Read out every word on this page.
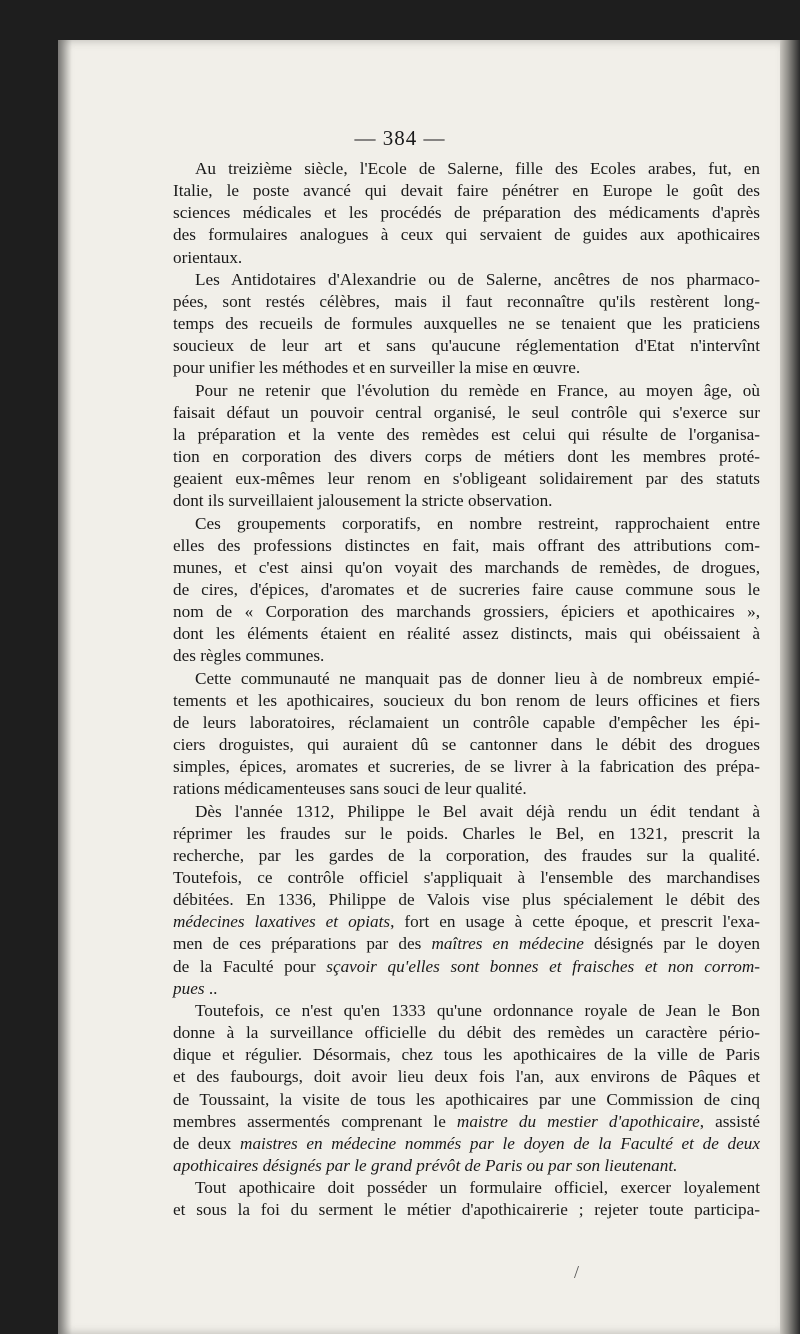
— 384 —
Au treizième siècle, l'Ecole de Salerne, fille des Ecoles arabes, fut, en
Italie, le poste avancé qui devait faire pénétrer en Europe le goût des
sciences médicales et les procédés de préparation des médicaments d'après
des formulaires analogues à ceux qui servaient de guides aux apothicaires
orientaux.
Les Antidotaires d'Alexandrie ou de Salerne, ancêtres de nos pharmaco-
pées, sont restés célèbres, mais il faut reconnaître qu'ils restèrent long-
temps des recueils de formules auxquelles ne se tenaient que les praticiens
soucieux de leur art et sans qu'aucune réglementation d'Etat n'intervînt
pour unifier les méthodes et en surveiller la mise en œuvre.
Pour ne retenir que l'évolution du remède en France, au moyen âge, où
faisait défaut un pouvoir central organisé, le seul contrôle qui s'exerce sur
la préparation et la vente des remèdes est celui qui résulte de l'organisa-
tion en corporation des divers corps de métiers dont les membres proté-
geaient eux-mêmes leur renom en s'obligeant solidairement par des statuts
dont ils surveillaient jalousement la stricte observation.
Ces groupements corporatifs, en nombre restreint, rapprochaient entre
elles des professions distinctes en fait, mais offrant des attributions com-
munes, et c'est ainsi qu'on voyait des marchands de remèdes, de drogues,
de cires, d'épices, d'aromates et de sucreries faire cause commune sous le
nom de « Corporation des marchands grossiers, épiciers et apothicaires »,
dont les éléments étaient en réalité assez distincts, mais qui obéissaient à
des règles communes.
Cette communauté ne manquait pas de donner lieu à de nombreux empié-
tements et les apothicaires, soucieux du bon renom de leurs officines et fiers
de leurs laboratoires, réclamaient un contrôle capable d'empêcher les épi-
ciers droguistes, qui auraient dû se cantonner dans le débit des drogues
simples, épices, aromates et sucreries, de se livrer à la fabrication des prépa-
rations médicamenteuses sans souci de leur qualité.
Dès l'année 1312, Philippe le Bel avait déjà rendu un édit tendant à
réprimer les fraudes sur le poids. Charles le Bel, en 1321, prescrit la
recherche, par les gardes de la corporation, des fraudes sur la qualité.
Toutefois, ce contrôle officiel s'appliquait à l'ensemble des marchandises
débitées. En 1336, Philippe de Valois vise plus spécialement le débit des
médecines laxatives et opiats, fort en usage à cette époque, et prescrit l'exa-
men de ces préparations par des maîtres en médecine désignés par le doyen
de la Faculté pour sçavoir qu'elles sont bonnes et fraisches et non corrom-
pues ..
Toutefois, ce n'est qu'en 1333 qu'une ordonnance royale de Jean le Bon
donne à la surveillance officielle du débit des remèdes un caractère pério-
dique et régulier. Désormais, chez tous les apothicaires de la ville de Paris
et des faubourgs, doit avoir lieu deux fois l'an, aux environs de Pâques et
de Toussaint, la visite de tous les apothicaires par une Commission de cinq
membres assermentés comprenant le maistre du mestier d'apothicaire, assisté
de deux maistres en médecine nommés par le doyen de la Faculté et de deux
apothicaires désignés par le grand prévôt de Paris ou par son lieutenant.
Tout apothicaire doit posséder un formulaire officiel, exercer loyalement
et sous la foi du serment le métier d'apothicairerie ; rejeter toute participa-
/
